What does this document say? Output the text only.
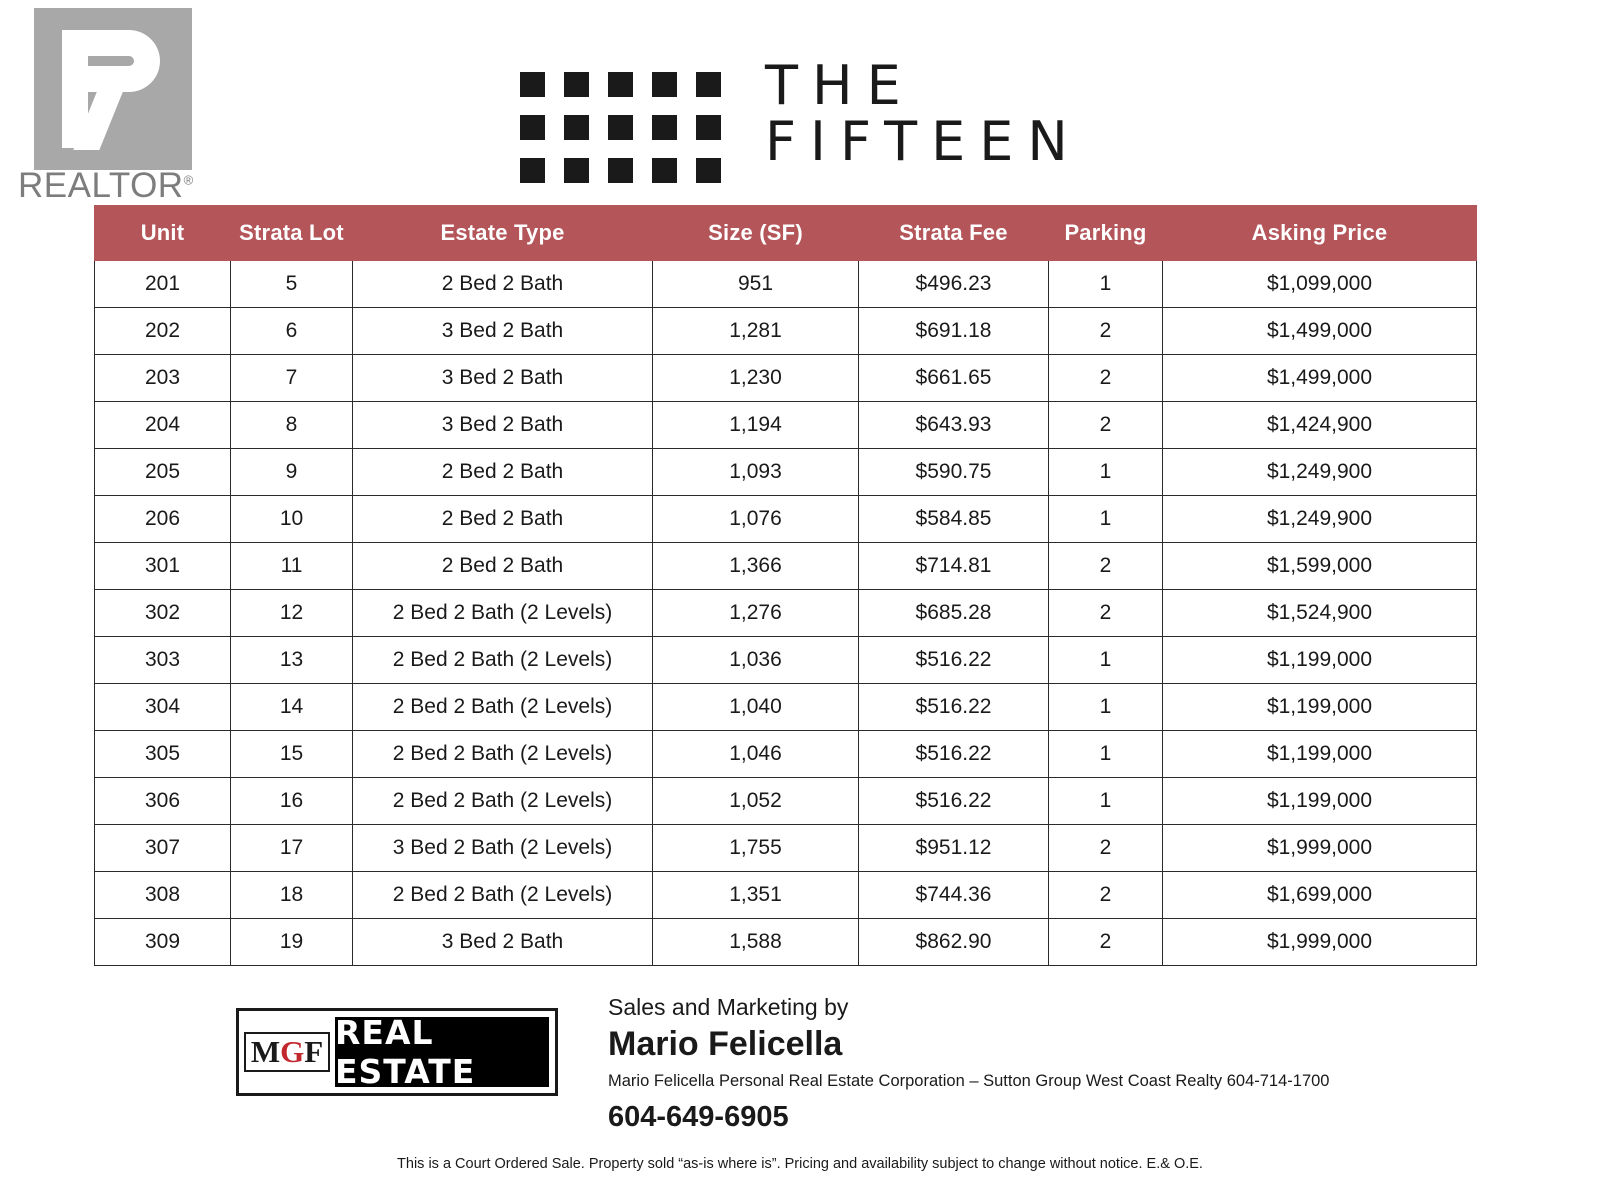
REALTOR®
THE
FIFTEEN
Unit	Strata Lot	Estate Type	Size (SF)	Strata Fee	Parking	Asking Price
201	5	2 Bed 2 Bath	951	$496.23	1	$1,099,000
202	6	3 Bed 2 Bath	1,281	$691.18	2	$1,499,000
203	7	3 Bed 2 Bath	1,230	$661.65	2	$1,499,000
204	8	3 Bed 2 Bath	1,194	$643.93	2	$1,424,900
205	9	2 Bed 2 Bath	1,093	$590.75	1	$1,249,900
206	10	2 Bed 2 Bath	1,076	$584.85	1	$1,249,900
301	11	2 Bed 2 Bath	1,366	$714.81	2	$1,599,000
302	12	2 Bed 2 Bath (2 Levels)	1,276	$685.28	2	$1,524,900
303	13	2 Bed 2 Bath (2 Levels)	1,036	$516.22	1	$1,199,000
304	14	2 Bed 2 Bath (2 Levels)	1,040	$516.22	1	$1,199,000
305	15	2 Bed 2 Bath (2 Levels)	1,046	$516.22	1	$1,199,000
306	16	2 Bed 2 Bath (2 Levels)	1,052	$516.22	1	$1,199,000
307	17	3 Bed 2 Bath (2 Levels)	1,755	$951.12	2	$1,999,000
308	18	2 Bed 2 Bath (2 Levels)	1,351	$744.36	2	$1,699,000
309	19	3 Bed 2 Bath	1,588	$862.90	2	$1,999,000
MGF REAL ESTATE
Sales and Marketing by
Mario Felicella
Mario Felicella Personal Real Estate Corporation – Sutton Group West Coast Realty 604-714-1700
604-649-6905
This is a Court Ordered Sale. Property sold “as-is where is”. Pricing and availability subject to change without notice. E.& O.E.
